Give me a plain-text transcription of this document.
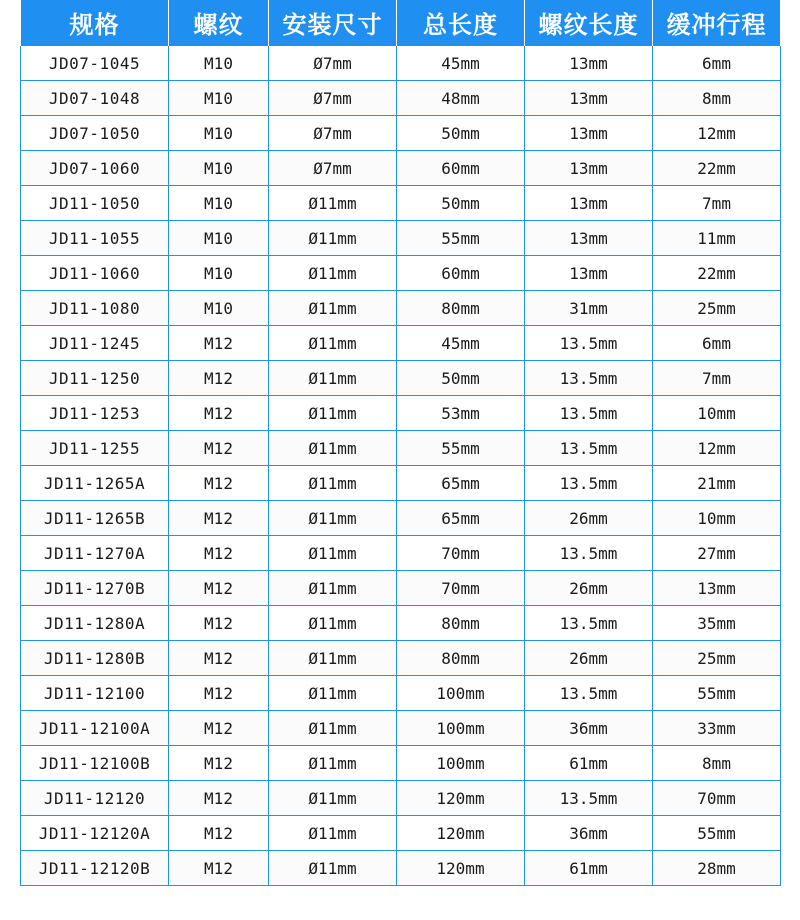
规格	螺纹	安装尺寸	总长度	螺纹长度	缓冲行程
JD07-1045	M10	Ø7mm	45mm	13mm	6mm
JD07-1048	M10	Ø7mm	48mm	13mm	8mm
JD07-1050	M10	Ø7mm	50mm	13mm	12mm
JD07-1060	M10	Ø7mm	60mm	13mm	22mm
JD11-1050	M10	Ø11mm	50mm	13mm	7mm
JD11-1055	M10	Ø11mm	55mm	13mm	11mm
JD11-1060	M10	Ø11mm	60mm	13mm	22mm
JD11-1080	M10	Ø11mm	80mm	31mm	25mm
JD11-1245	M12	Ø11mm	45mm	13.5mm	6mm
JD11-1250	M12	Ø11mm	50mm	13.5mm	7mm
JD11-1253	M12	Ø11mm	53mm	13.5mm	10mm
JD11-1255	M12	Ø11mm	55mm	13.5mm	12mm
JD11-1265A	M12	Ø11mm	65mm	13.5mm	21mm
JD11-1265B	M12	Ø11mm	65mm	26mm	10mm
JD11-1270A	M12	Ø11mm	70mm	13.5mm	27mm
JD11-1270B	M12	Ø11mm	70mm	26mm	13mm
JD11-1280A	M12	Ø11mm	80mm	13.5mm	35mm
JD11-1280B	M12	Ø11mm	80mm	26mm	25mm
JD11-12100	M12	Ø11mm	100mm	13.5mm	55mm
JD11-12100A	M12	Ø11mm	100mm	36mm	33mm
JD11-12100B	M12	Ø11mm	100mm	61mm	8mm
JD11-12120	M12	Ø11mm	120mm	13.5mm	70mm
JD11-12120A	M12	Ø11mm	120mm	36mm	55mm
JD11-12120B	M12	Ø11mm	120mm	61mm	28mm
